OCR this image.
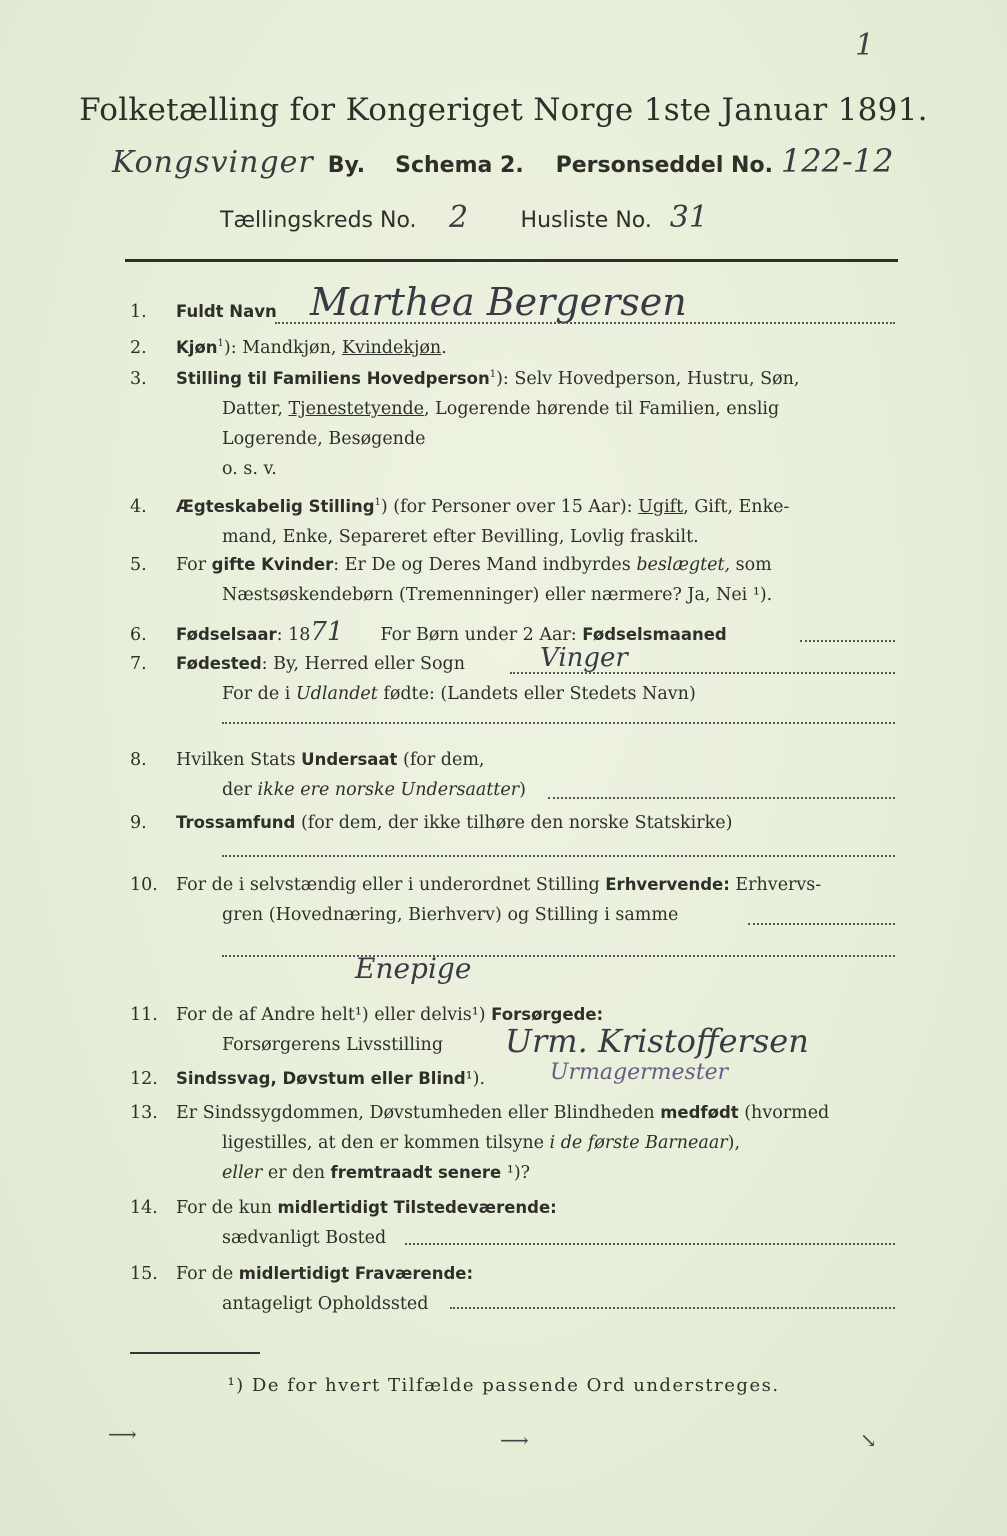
1
Folketælling for Kongeriget Norge 1ste Januar 1891.
Kongsvinger By. Schema 2. Personseddel No. 122-12
Tællingskreds No. 2 Husliste No. 31
1. Fuldt Navn Marthea Bergersen
2. Kjøn$^1$): Mandkjøn, Kvindekjøn.
3. Stilling til Familiens Hovedperson$^1$): Selv Hovedperson, Hustru, Søn,
Datter, Tjenestetyende, Logerende hørende til Familien, enslig
Logerende, Besøgende
o. s. v.
4. Ægteskabelig Stilling$^1$) (for Personer over 15 Aar): Ugift, Gift, Enke-
mand, Enke, Separeret efter Bevilling, Lovlig fraskilt.
5. For gifte Kvinder: Er De og Deres Mand indbyrdes beslægtet, som
Næstsøskendebørn (Tremenninger) eller nærmere? Ja, Nei ¹).
6. Fødselsaar: 1871 For Børn under 2 Aar: Fødselsmaaned
7. Fødested: By, Herred eller Sogn
For de i Udlandet fødte: (Landets eller Stedets Navn)
Vinger
8. Hvilken Stats Undersaat (for dem,
der ikke ere norske Undersaatter)
9. Trossamfund (for dem, der ikke tilhøre den norske Statskirke)
10. For de i selvstændig eller i underordnet Stilling Erhvervende: Erhvervs-
gren (Hovednæring, Bierhverv) og Stilling i samme
Enepige
11. For de af Andre helt¹) eller delvis¹) Forsørgede:
Forsørgerens Livsstilling	Urm. Kristoffersen
12. Sindssvag, Døvstum eller Blind¹).	Urmagermester
13. Er Sindssygdommen, Døvstumheden eller Blindheden medfødt (hvormed
ligestilles, at den er kommen tilsyne i de første Barneaar),
eller er den fremtraadt senere ¹)?
14. For de kun midlertidigt Tilstedeværende:
sædvanligt Bosted
15. For de midlertidigt Fraværende:
antageligt Opholdssted
¹) De for hvert Tilfælde passende Ord understreges.
⟶	⟶	↘
